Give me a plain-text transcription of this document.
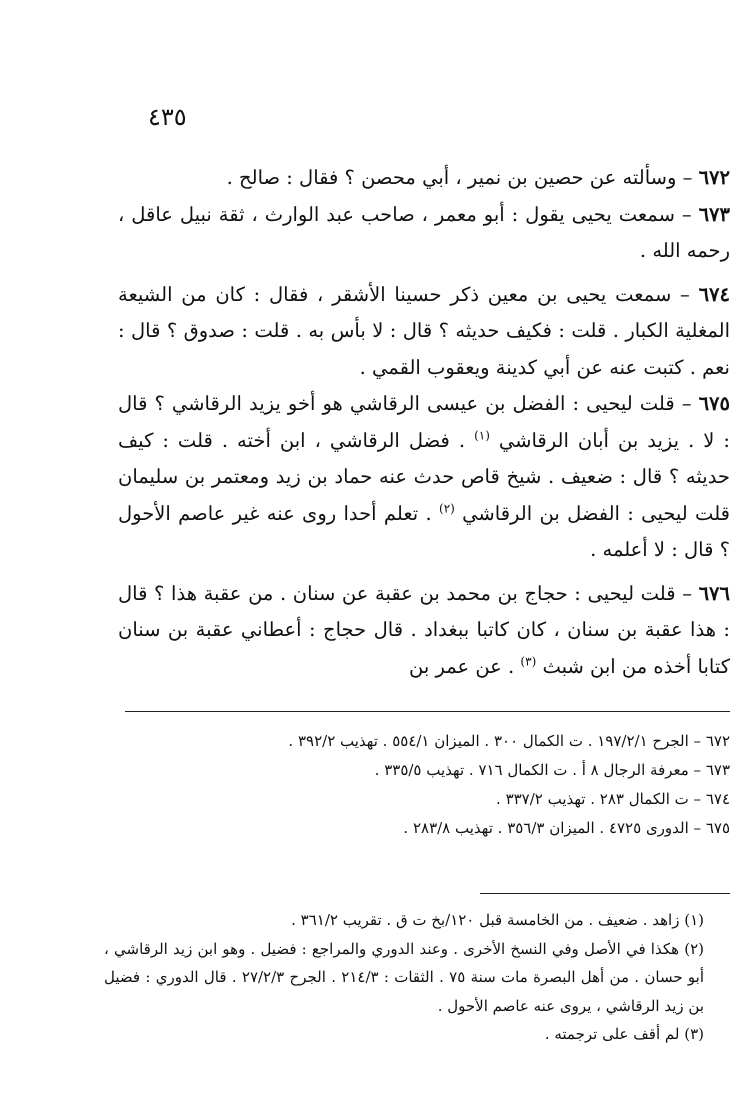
٤٣٥

٦٧٢ – وسألته عن حصين بن نمير ، أبي محصن ؟ فقال : صالح .

٦٧٣ – سمعت يحيى يقول : أبو معمر ، صاحب عبد الوارث ، ثقة نبيل عاقل ، رحمه الله .

٦٧٤ – سمعت يحيى بن معين ذكر حسينا الأشقر ، فقال : كان من الشيعة المغلية الكبار . قلت : فكيف حديثه ؟ قال : لا بأس به . قلت : صدوق ؟ قال : نعم . كتبت عنه عن أبي كدينة ويعقوب القمي .

٦٧٥ – قلت ليحيى : الفضل بن عيسى الرقاشي هو أخو يزيد الرقاشي ؟ قال : لا . يزيد بن أبان الرقاشي $^{(١)}$ . فضل الرقاشي ، ابن أخته . قلت : كيف حديثه ؟ قال : ضعيف . شيخ قاص حدث عنه حماد بن زيد ومعتمر بن سليمان قلت ليحيى : الفضل بن الرقاشي $^{(٢)}$ . تعلم أحدا روى عنه غير عاصم الأحول ؟ قال : لا أعلمه .

٦٧٦ – قلت ليحيى : حجاج بن محمد بن عقبة عن سنان . من عقبة هذا ؟ قال : هذا عقبة بن سنان ، كان كاتبا ببغداد . قال حجاج : أعطاني عقبة بن سنان كتابا أخذه من ابن شبث $^{(٣)}$ . عن عمر بن

٦٧٢ – الجرح ١٩٧/٢/١ . ت الكمال ٣٠٠ . الميزان ٥٥٤/١ . تهذيب ٣٩٢/٢ .

٦٧٣ – معرفة الرجال ٨ أ . ت الكمال ٧١٦ . تهذيب ٣٣٥/٥ .

٦٧٤ – ت الكمال ٢٨٣ . تهذيب ٣٣٧/٢ .

٦٧٥ – الدورى ٤٧٢٥ . الميزان ٣٥٦/٣ . تهذيب ٢٨٣/٨ .

(١) زاهد . ضعيف . من الخامسة قبل ١٢٠/بخ ت ق . تقريب ٣٦١/٢ .

(٢) هكذا في الأصل وفي النسخ الأخرى . وعند الدوري والمراجع : فضيل . وهو ابن زيد الرقاشي ، أبو حسان . من أهل البصرة مات سنة ٧٥ . الثقات : ٢١٤/٣ . الجرح ٢٧/٢/٣ . قال الدوري : فضيل بن زيد الرقاشي ، يروى عنه عاصم الأحول .

(٣) لم أقف على ترجمته .
